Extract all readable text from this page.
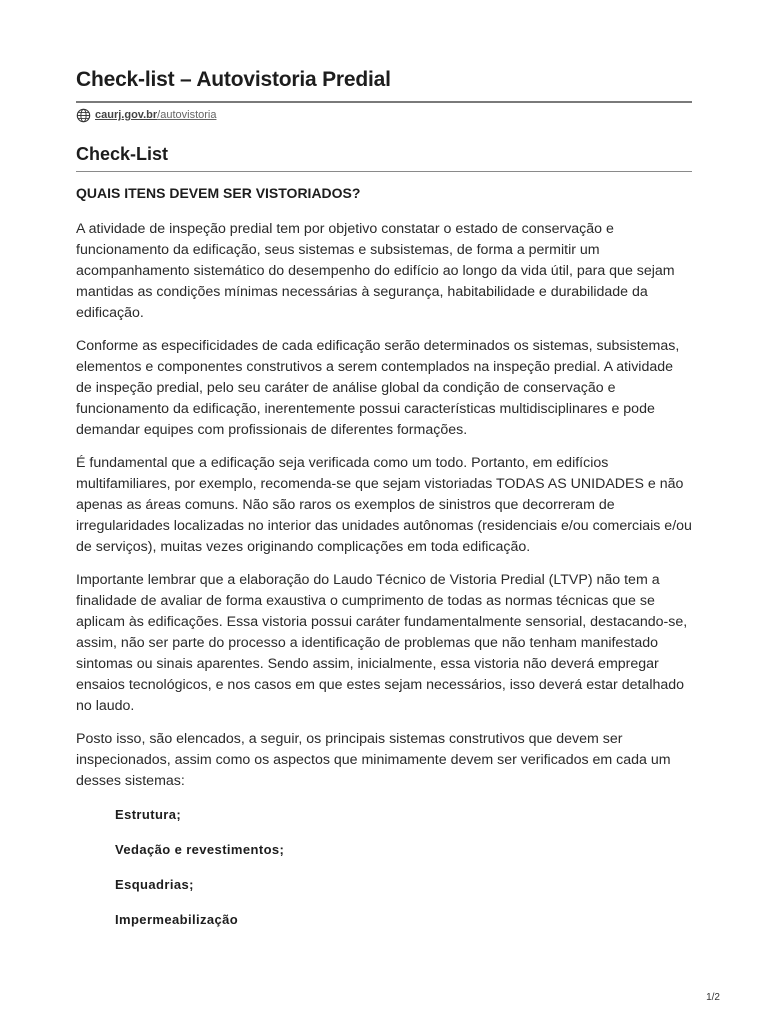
Check-list – Autovistoria Predial
caurj.gov.br /autovistoria
Check-List

QUAIS ITENS DEVEM SER VISTORIADOS?

A atividade de inspeção predial tem por objetivo constatar o estado de conservação e funcionamento da edificação, seus sistemas e subsistemas, de forma a permitir um acompanhamento sistemático do desempenho do edifício ao longo da vida útil, para que sejam mantidas as condições mínimas necessárias à segurança, habitabilidade e durabilidade da edificação.

Conforme as especificidades de cada edificação serão determinados os sistemas, subsistemas, elementos e componentes construtivos a serem contemplados na inspeção predial. A atividade de inspeção predial, pelo seu caráter de análise global da condição de conservação e funcionamento da edificação, inerentemente possui características multidisciplinares e pode demandar equipes com profissionais de diferentes formações.

É fundamental que a edificação seja verificada como um todo. Portanto, em edifícios multifamiliares, por exemplo, recomenda-se que sejam vistoriadas TODAS AS UNIDADES e não apenas as áreas comuns. Não são raros os exemplos de sinistros que decorreram de irregularidades localizadas no interior das unidades autônomas (residenciais e/ou comerciais e/ou de serviços), muitas vezes originando complicações em toda edificação.

Importante lembrar que a elaboração do Laudo Técnico de Vistoria Predial (LTVP) não tem a finalidade de avaliar de forma exaustiva o cumprimento de todas as normas técnicas que se aplicam às edificações. Essa vistoria possui caráter fundamentalmente sensorial, destacando-se, assim, não ser parte do processo a identificação de problemas que não tenham manifestado sintomas ou sinais aparentes. Sendo assim, inicialmente, essa vistoria não deverá empregar ensaios tecnológicos, e nos casos em que estes sejam necessários, isso deverá estar detalhado no laudo.

Posto isso, são elencados, a seguir, os principais sistemas construtivos que devem ser inspecionados, assim como os aspectos que minimamente devem ser verificados em cada um desses sistemas:

Estrutura;

Vedação e revestimentos;

Esquadrias;

Impermeabilização

1/2
